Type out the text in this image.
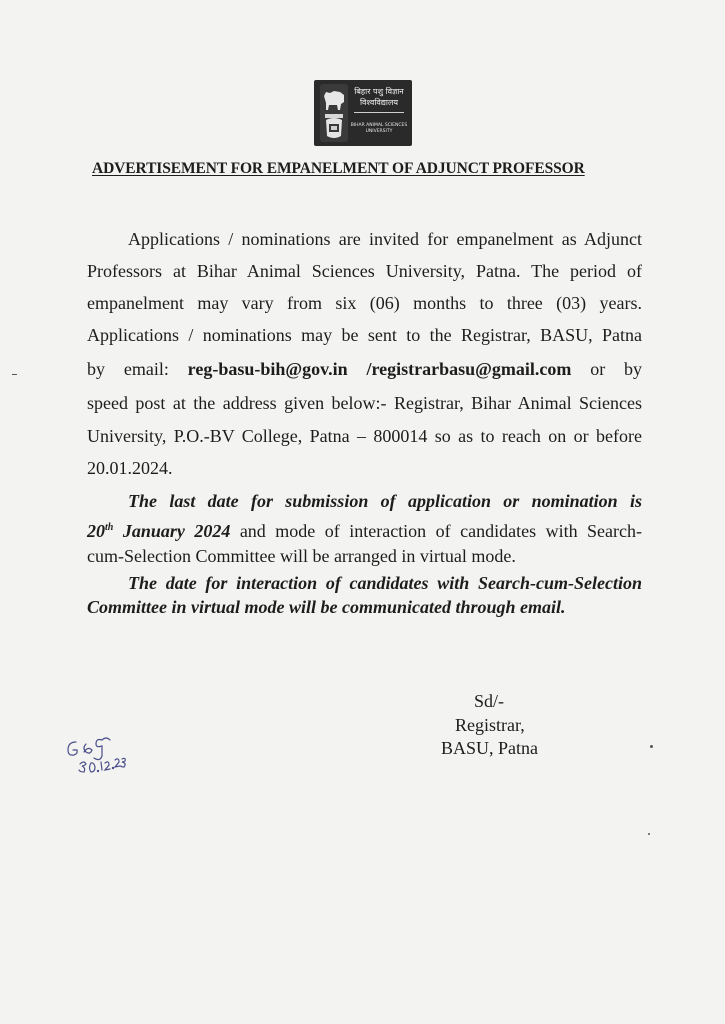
बिहार पशु विज्ञान विश्वविद्यालय
BIHAR ANIMAL SCIENCES UNIVERSITY
ADVERTISEMENT FOR EMPANELMENT OF ADJUNCT PROFESSOR
Applications / nominations are invited for empanelment as Adjunct
Professors at Bihar Animal Sciences University, Patna. The period of
empanelment may vary from six (06) months to three (03) years.
Applications / nominations may be sent to the Registrar, BASU, Patna
by email: reg-basu-bih@gov.in /registrarbasu@gmail.com or by
speed post at the address given below:- Registrar, Bihar Animal Sciences
University, P.O.-BV College, Patna – 800014 so as to reach on or before
20.01.2024.
The last date for submission of application or nomination is
20th January 2024 and mode of interaction of candidates with Search-
cum-Selection Committee will be arranged in virtual mode.
The date for interaction of candidates with Search-cum-Selection
Committee in virtual mode will be communicated through email.
Sd/-
Registrar,
BASU, Patna
